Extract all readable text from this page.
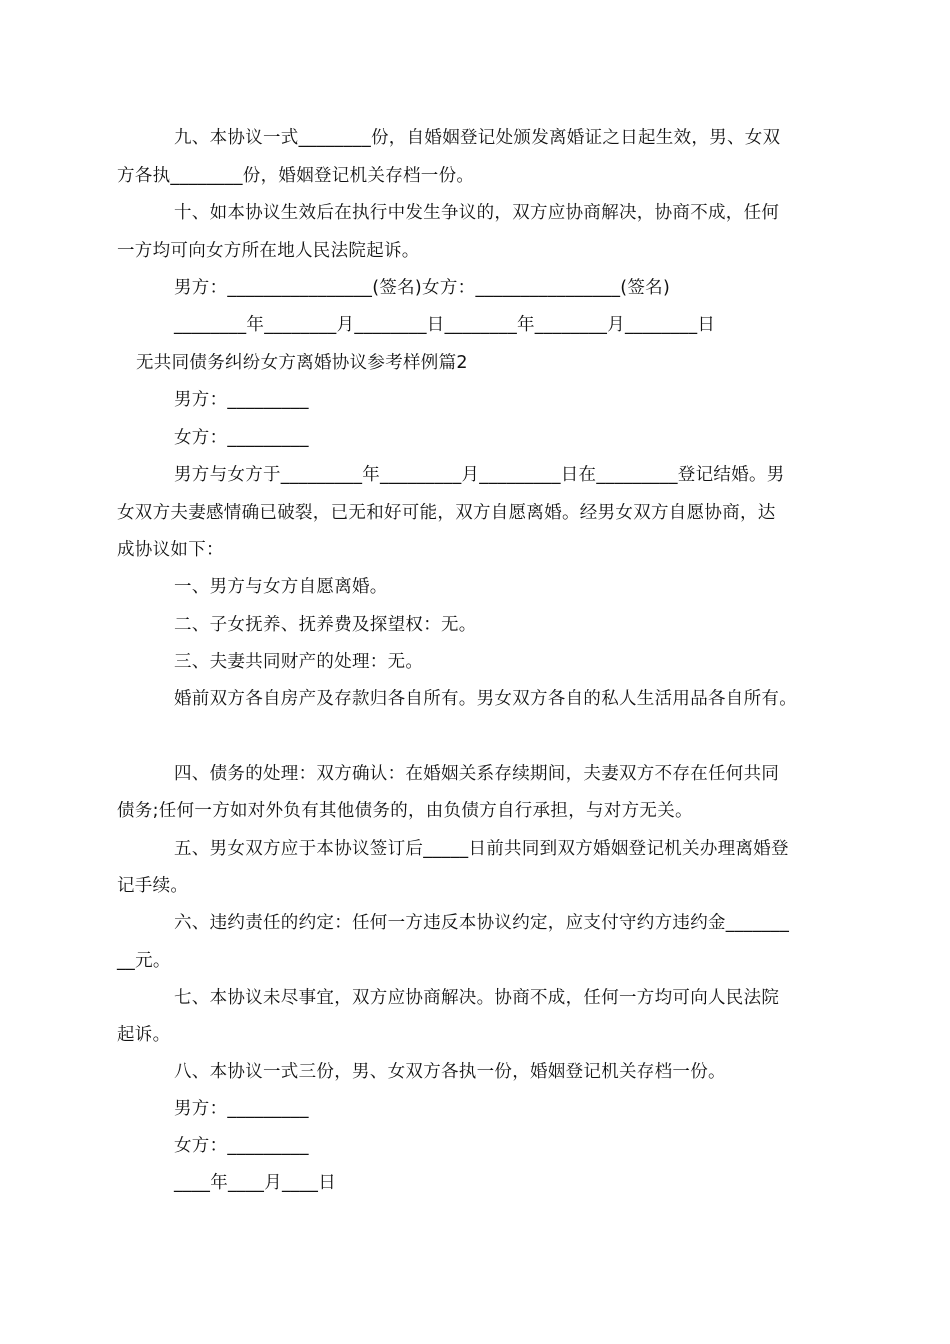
九、本协议一式________份，自婚姻登记处颁发离婚证之日起生效，男、女双
方各执________份，婚姻登记机关存档一份。
十、如本协议生效后在执行中发生争议的，双方应协商解决，协商不成，任何
一方均可向女方所在地人民法院起诉。
男方：________________(签名)女方：________________(签名)
________年________月________日________年________月________日
无共同债务纠纷女方离婚协议参考样例篇2
男方：_________
女方：_________
男方与女方于_________年_________月_________日在_________登记结婚。男
女双方夫妻感情确已破裂，已无和好可能，双方自愿离婚。经男女双方自愿协商，达
成协议如下：
一、男方与女方自愿离婚。
二、子女抚养、抚养费及探望权：无。
三、夫妻共同财产的处理：无。
婚前双方各自房产及存款归各自所有。男女双方各自的私人生活用品各自所有。
四、债务的处理：双方确认：在婚姻关系存续期间，夫妻双方不存在任何共同
债务;任何一方如对外负有其他债务的，由负债方自行承担，与对方无关。
五、男女双方应于本协议签订后_____日前共同到双方婚姻登记机关办理离婚登
记手续。
六、违约责任的约定：任何一方违反本协议约定，应支付守约方违约金_______
__元。
七、本协议未尽事宜，双方应协商解决。协商不成，任何一方均可向人民法院
起诉。
八、本协议一式三份，男、女双方各执一份，婚姻登记机关存档一份。
男方：_________
女方：_________
____年____月____日
